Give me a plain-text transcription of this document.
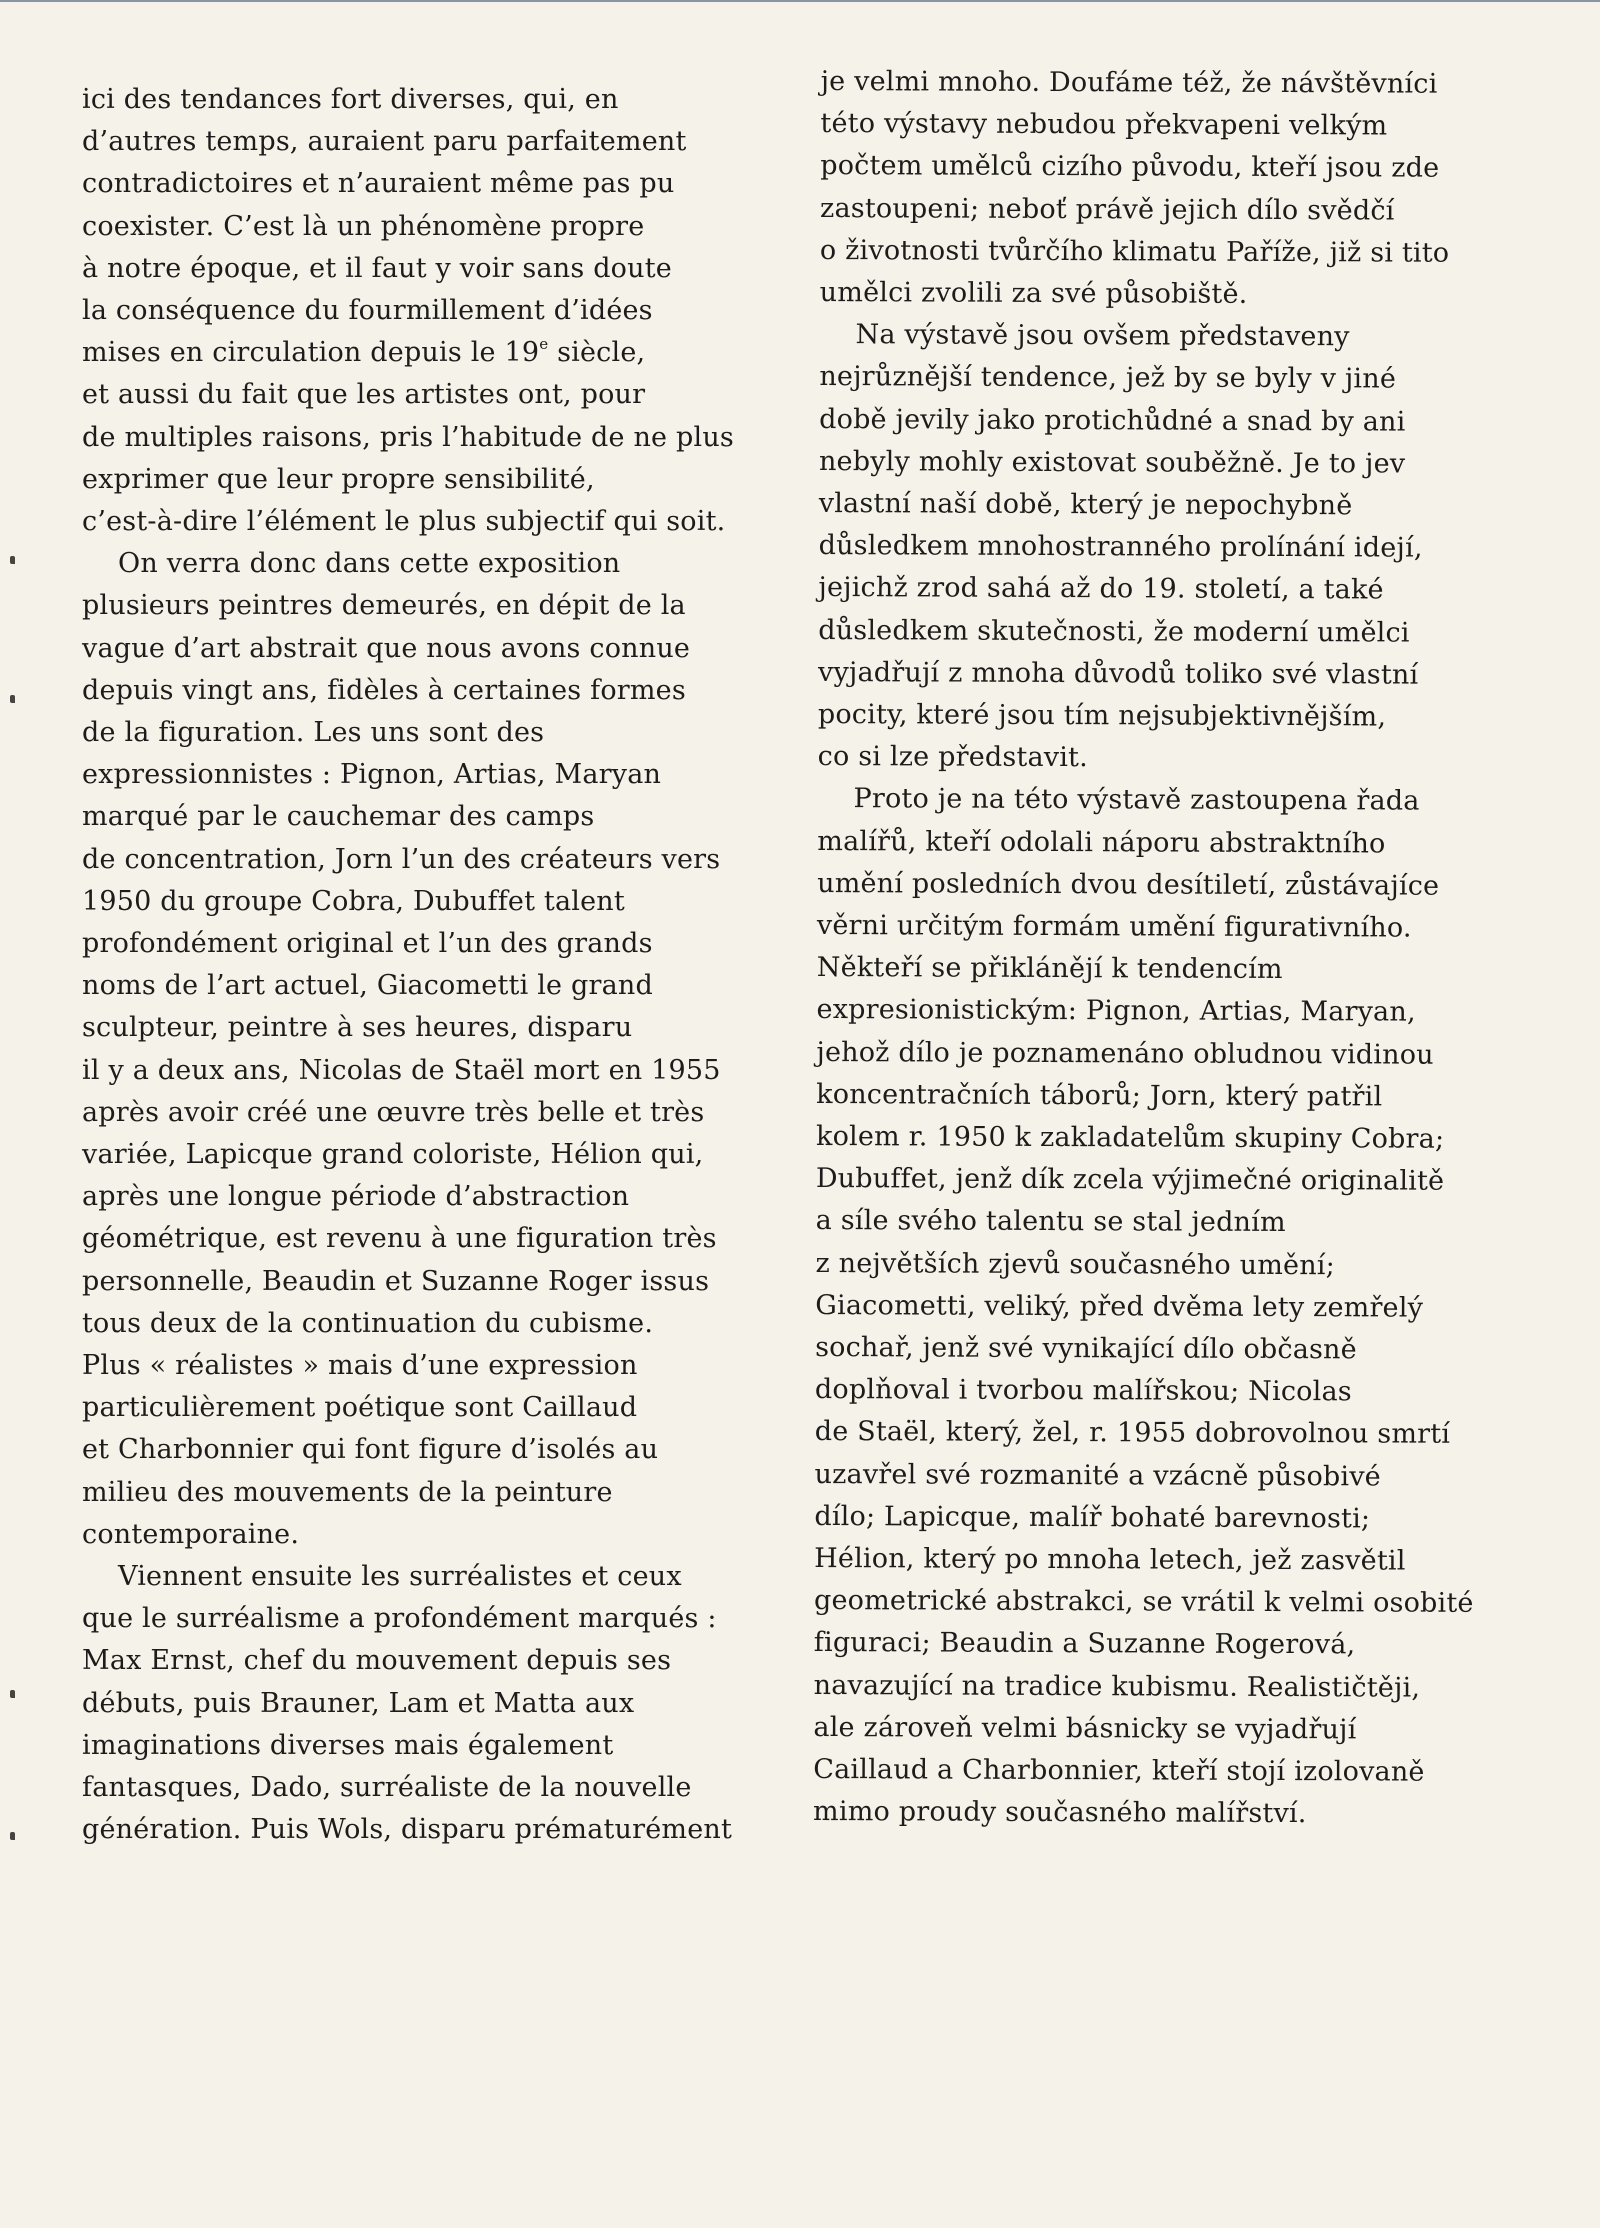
ici des tendances fort diverses, qui, en
d’autres temps, auraient paru parfaitement
contradictoires et n’auraient même pas pu
coexister. C’est là un phénomène propre
à notre époque, et il faut y voir sans doute
la conséquence du fourmillement d’idées
mises en circulation depuis le 19e siècle,
et aussi du fait que les artistes ont, pour
de multiples raisons, pris l’habitude de ne plus
exprimer que leur propre sensibilité,
c’est-à-dire l’élément le plus subjectif qui soit.
On verra donc dans cette exposition
plusieurs peintres demeurés, en dépit de la
vague d’art abstrait que nous avons connue
depuis vingt ans, fidèles à certaines formes
de la figuration. Les uns sont des
expressionnistes : Pignon, Artias, Maryan
marqué par le cauchemar des camps
de concentration, Jorn l’un des créateurs vers
1950 du groupe Cobra, Dubuffet talent
profondément original et l’un des grands
noms de l’art actuel, Giacometti le grand
sculpteur, peintre à ses heures, disparu
il y a deux ans, Nicolas de Staël mort en 1955
après avoir créé une œuvre très belle et très
variée, Lapicque grand coloriste, Hélion qui,
après une longue période d’abstraction
géométrique, est revenu à une figuration très
personnelle, Beaudin et Suzanne Roger issus
tous deux de la continuation du cubisme.
Plus « réalistes » mais d’une expression
particulièrement poétique sont Caillaud
et Charbonnier qui font figure d’isolés au
milieu des mouvements de la peinture
contemporaine.
Viennent ensuite les surréalistes et ceux
que le surréalisme a profondément marqués :
Max Ernst, chef du mouvement depuis ses
débuts, puis Brauner, Lam et Matta aux
imaginations diverses mais également
fantasques, Dado, surréaliste de la nouvelle
génération. Puis Wols, disparu prématurément
je velmi mnoho. Doufáme též, že návštěvníci
této výstavy nebudou překvapeni velkým
počtem umělců cizího původu, kteří jsou zde
zastoupeni; neboť právě jejich dílo svědčí
o životnosti tvůrčího klimatu Paříže, již si tito
umělci zvolili za své působiště.
Na výstavě jsou ovšem představeny
nejrůznější tendence, jež by se byly v jiné
době jevily jako protichůdné a snad by ani
nebyly mohly existovat souběžně. Je to jev
vlastní naší době, který je nepochybně
důsledkem mnohostranného prolínání idejí,
jejichž zrod sahá až do 19. století, a také
důsledkem skutečnosti, že moderní umělci
vyjadřují z mnoha důvodů toliko své vlastní
pocity, které jsou tím nejsubjektivnějším,
co si lze představit.
Proto je na této výstavě zastoupena řada
malířů, kteří odolali náporu abstraktního
umění posledních dvou desítiletí, zůstávajíce
věrni určitým formám umění figurativního.
Někteří se přiklánějí k tendencím
expresionistickým: Pignon, Artias, Maryan,
jehož dílo je poznamenáno obludnou vidinou
koncentračních táborů; Jorn, který patřil
kolem r. 1950 k zakladatelům skupiny Cobra;
Dubuffet, jenž dík zcela výjimečné originalitě
a síle svého talentu se stal jedním
z největších zjevů současného umění;
Giacometti, veliký, před dvěma lety zemřelý
sochař, jenž své vynikající dílo občasně
doplňoval i tvorbou malířskou; Nicolas
de Staël, který, žel, r. 1955 dobrovolnou smrtí
uzavřel své rozmanité a vzácně působivé
dílo; Lapicque, malíř bohaté barevnosti;
Hélion, který po mnoha letech, jež zasvětil
geometrické abstrakci, se vrátil k velmi osobité
figuraci; Beaudin a Suzanne Rogerová,
navazující na tradice kubismu. Realističtěji,
ale zároveň velmi básnicky se vyjadřují
Caillaud a Charbonnier, kteří stojí izolovaně
mimo proudy současného malířství.
